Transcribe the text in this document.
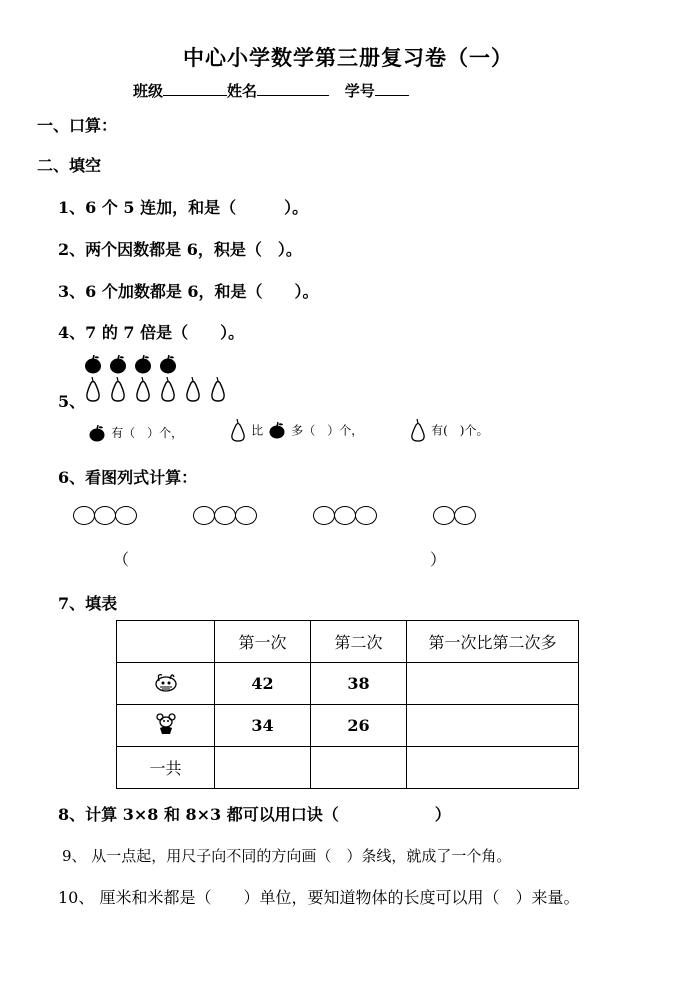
中心小学数学第三册复习卷（一）
班级	姓名	学号
一、口算：
二、填空
1、6 个 5 连加，和是（　　　）。
2、两个因数都是 6，积是（　）。
3、6 个加数都是 6，和是（　　）。
4、7 的 7 倍是（　　）。
5、
有（　）个，	比 多（　）个，	有(　)个。
6、看图列式计算：
（	）
7、填表
	第一次	第二次	第一次比第二次多
	42	38	
	34	26	
一共			
8、计算 3×8 和 8×3 都可以用口诀（　　　　　　）
9、 从一点起，用尺子向不同的方向画（　）条线，就成了一个角。
10、 厘米和米都是（　　）单位，要知道物体的长度可以用（　）来量。
